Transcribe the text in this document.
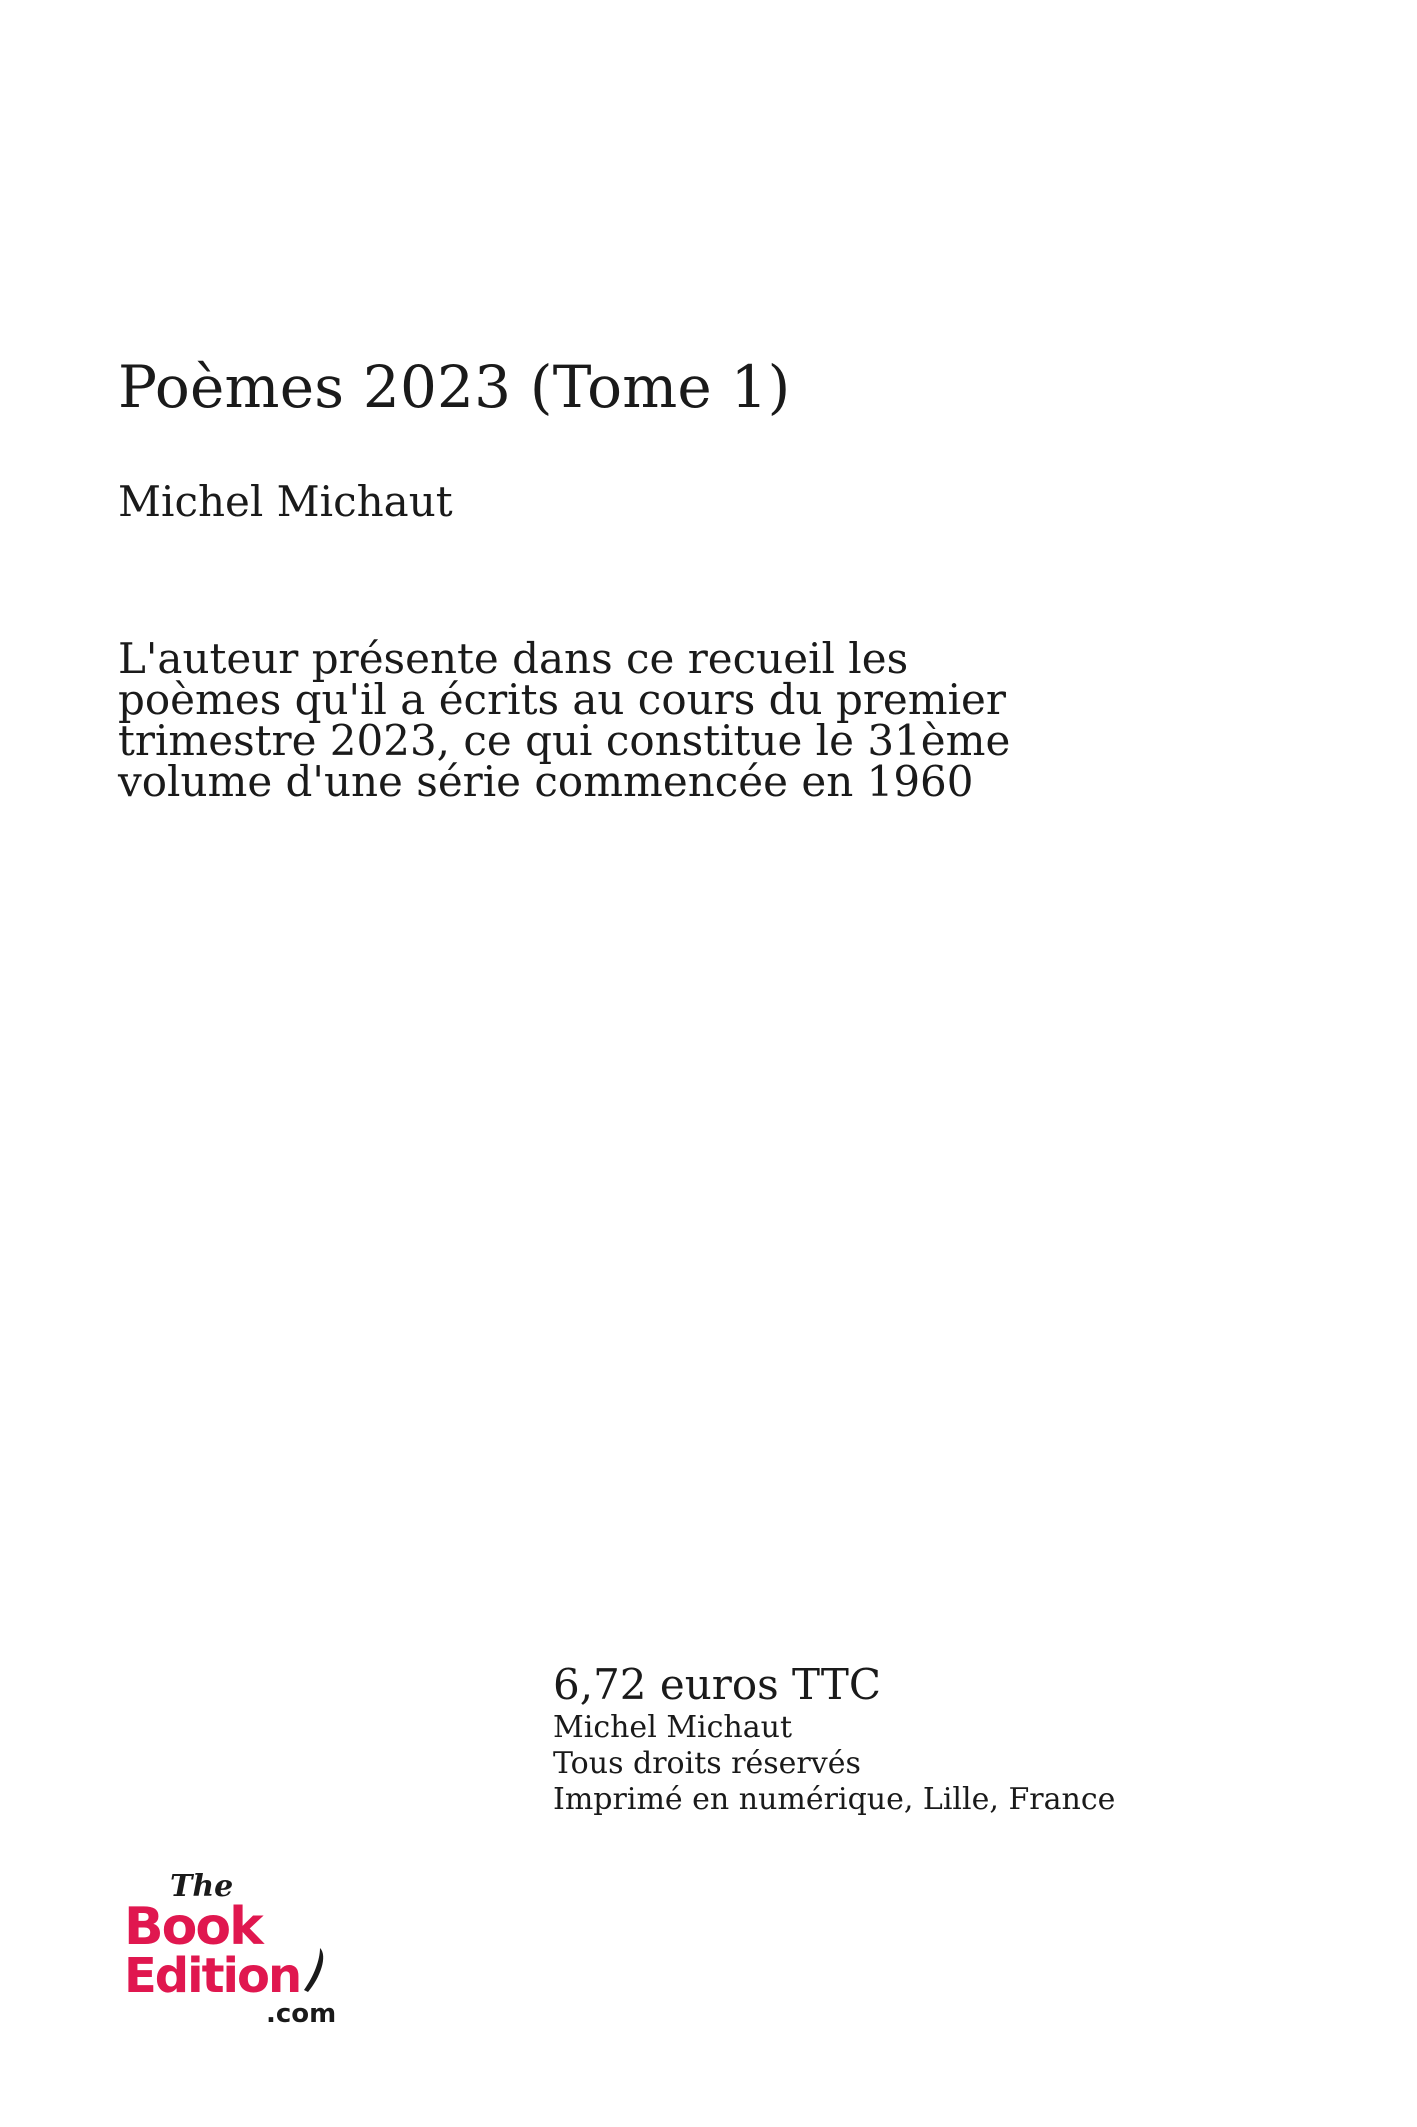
Poèmes 2023 (Tome 1)

Michel Michaut

L'auteur présente dans ce recueil les
poèmes qu'il a écrits au cours du premier
trimestre 2023, ce qui constitue le 31ème
volume d'une série commencée en 1960

6,72 euros TTC

Michel Michaut

Tous droits réservés

Imprimé en numérique, Lille, France

The
Book
Edition
.com
